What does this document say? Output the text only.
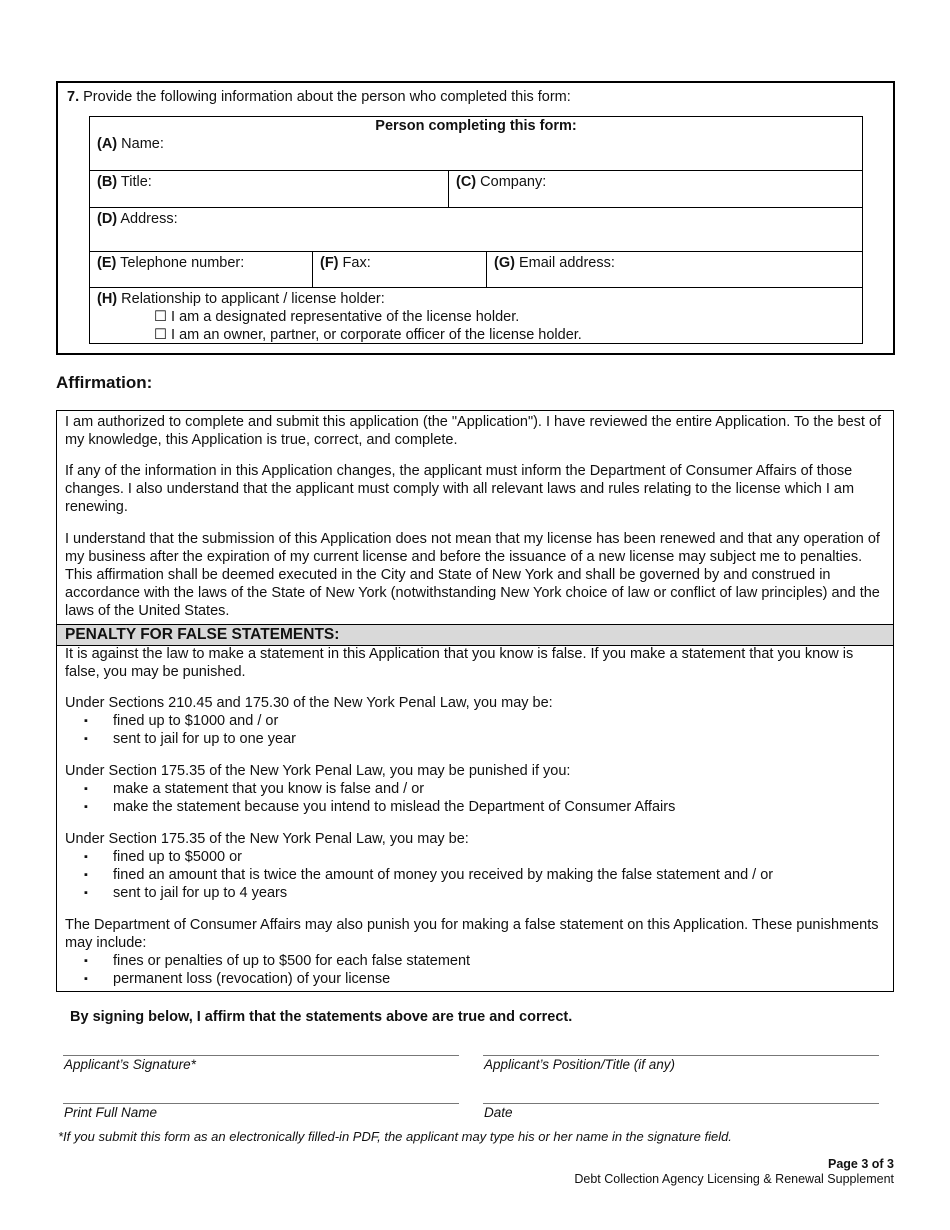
7. Provide the following information about the person who completed this form:
Person completing this form:
(A) Name:
(B) Title:	(C) Company:
(D) Address:
(E) Telephone number:	(F) Fax:	(G) Email address:
(H) Relationship to applicant / license holder:
☐ I am a designated representative of the license holder.
☐ I am an owner, partner, or corporate officer of the license holder.
Affirmation:
I am authorized to complete and submit this application (the "Application"). I have reviewed the entire Application. To the best of my knowledge, this Application is true, correct, and complete.
If any of the information in this Application changes, the applicant must inform the Department of Consumer Affairs of those changes. I also understand that the applicant must comply with all relevant laws and rules relating to the license which I am renewing.
I understand that the submission of this Application does not mean that my license has been renewed and that any operation of my business after the expiration of my current license and before the issuance of a new license may subject me to penalties. This affirmation shall be deemed executed in the City and State of New York and shall be governed by and construed in accordance with the laws of the State of New York (notwithstanding New York choice of law or conflict of law principles) and the laws of the United States.
PENALTY FOR FALSE STATEMENTS:
It is against the law to make a statement in this Application that you know is false. If you make a statement that you know is false, you may be punished.
Under Sections 210.45 and 175.30 of the New York Penal Law, you may be:
▪ fined up to $1000 and / or
▪ sent to jail for up to one year
Under Section 175.35 of the New York Penal Law, you may be punished if you:
▪ make a statement that you know is false and / or
▪ make the statement because you intend to mislead the Department of Consumer Affairs
Under Section 175.35 of the New York Penal Law, you may be:
▪ fined up to $5000 or
▪ fined an amount that is twice the amount of money you received by making the false statement and / or
▪ sent to jail for up to 4 years
The Department of Consumer Affairs may also punish you for making a false statement on this Application. These punishments may include:
▪ fines or penalties of up to $500 for each false statement
▪ permanent loss (revocation) of your license
By signing below, I affirm that the statements above are true and correct.
Applicant’s Signature*	Applicant’s Position/Title (if any)
Print Full Name	Date
*If you submit this form as an electronically filled-in PDF, the applicant may type his or her name in the signature field.
Page 3 of 3
Debt Collection Agency Licensing & Renewal Supplement
